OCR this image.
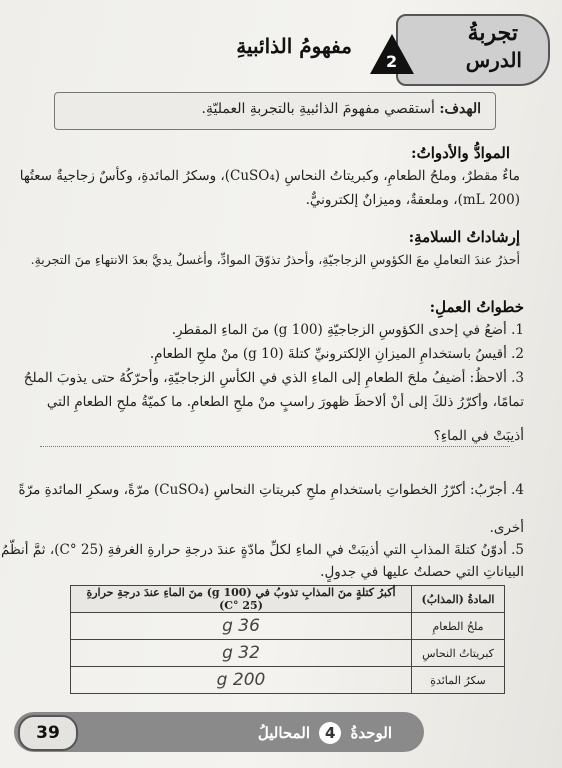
تجربةُ
الدرس
2
مفهومُ الذائبيةِ
الهدف: أستقصي مفهومَ الذائبيةِ بالتجربةِ العمليّةِ.
الموادُّ والأدواتُ:
ماءٌ مقطرٌ، وملحُ الطعامِ، وكبريتاتُ النحاسِ (CuSO₄)، وسكرُ المائدةِ، وكأسٌ زجاجيةٌ سعتُها
(200 mL)، وملعقةٌ، وميزانٌ إلكترونيٌّ.
إرشاداتُ السلامةِ:
أحذرُ عندَ التعاملِ معَ الكؤوسِ الزجاجيّةِ، وأحذرُ تذوّقَ الموادِّ، وأغسلُ يديَّ بعدَ الانتهاءِ منَ التجربةِ.
خطواتُ العملِ:
1. أضعُ في إحدى الكؤوسِ الزجاجيّةِ (100 g) منَ الماءِ المقطرِ.
2. أقيسُ باستخدامِ الميزانِ الإلكترونيِّ كتلةَ (10 g) منْ ملحِ الطعامِ.
3. ألاحظُ: أضيفُ ملحَ الطعامِ إلى الماءِ الذي في الكأسِ الزجاجيّةِ، وأحرّكُهُ حتى يذوبَ الملحُ
تمامًا، وأكرّرُ ذلكَ إلى أنْ ألاحظَ ظهورَ راسبٍ منْ ملحِ الطعامِ. ما كميّةُ ملحِ الطعامِ التي
أذيبَتْ في الماءِ؟
4. أجرّبُ: أكرّرُ الخطواتِ باستخدامِ ملحِ كبريتاتِ النحاسِ (CuSO₄) مرّةً، وسكرِ المائدةِ مرّةً
أخرى.
5. أدوّنُ كتلةَ المذابِ التي أذيبَتْ في الماءِ لكلِّ مادّةٍ عندَ درجةِ حرارةِ الغرفةِ (25 °C)، ثمَّ أنظّمُ
البياناتِ التي حصلتُ عليها في جدولٍ.
المادةُ (المذابُ)	أكبرُ كتلةٍ منَ المذابِ تذوبُ في (100 g) منَ الماءِ عندَ درجةِ حرارةِ (25 °C)
ملحُ الطعامِ	36 g
كبريتاتُ النحاسِ	32 g
سكرُ المائدةِ	200 g
39	الوحدةُ 4 المحاليلُ
